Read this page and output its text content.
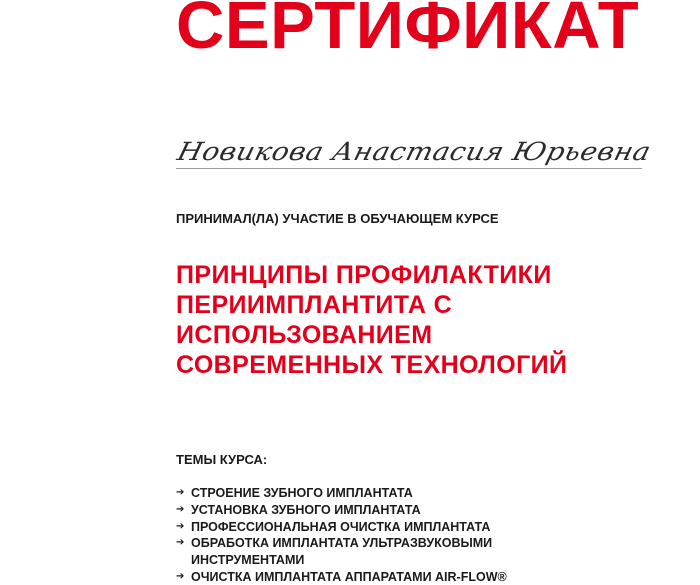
СЕРТИФИКАТ
Новикова Анастасия Юрьевна
ПРИНИМАЛ(ЛА) УЧАСТИЕ В ОБУЧАЮЩЕМ КУРСЕ
ПРИНЦИПЫ ПРОФИЛАКТИКИ
ПЕРИИМПЛАНТИТА С
ИСПОЛЬЗОВАНИЕМ
СОВРЕМЕННЫХ ТЕХНОЛОГИЙ
ТЕМЫ КУРСА:
➔ СТРОЕНИЕ ЗУБНОГО ИМПЛАНТАТА
➔ УСТАНОВКА ЗУБНОГО ИМПЛАНТАТА
➔ ПРОФЕССИОНАЛЬНАЯ ОЧИСТКА ИМПЛАНТАТА
➔ ОБРАБОТКА ИМПЛАНТАТА УЛЬТРАЗВУКОВЫМИ
ИНСТРУМЕНТАМИ
➔ ОЧИСТКА ИМПЛАНТАТА АППАРАТАМИ AIR-FLOW®
